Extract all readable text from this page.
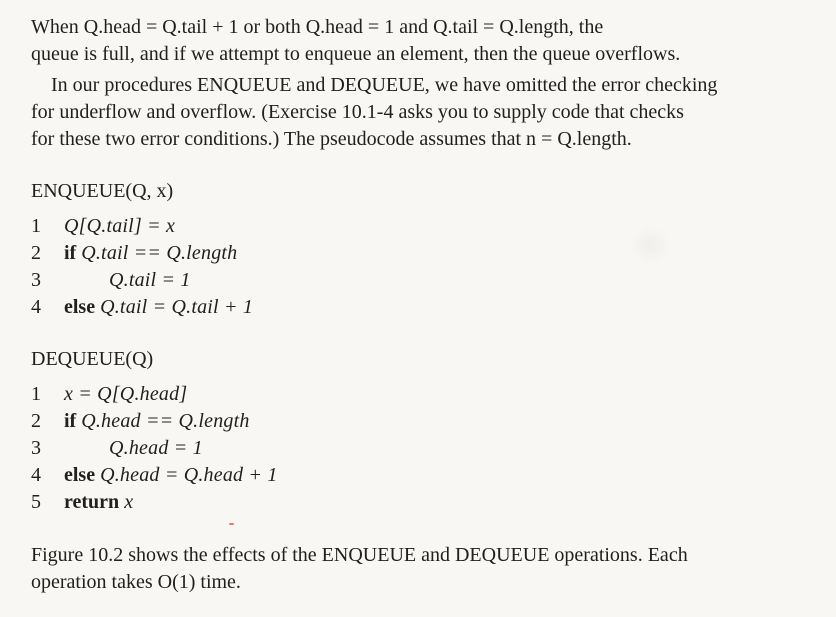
When Q.head = Q.tail + 1 or both Q.head = 1 and Q.tail = Q.length, the
queue is full, and if we attempt to enqueue an element, then the queue overflows.

In our procedures ENQUEUE and DEQUEUE, we have omitted the error checking
for underflow and overflow. (Exercise 10.1-4 asks you to supply code that checks
for these two error conditions.) The pseudocode assumes that n = Q.length.

ENQUEUE(Q, x)
1 Q[Q.tail] = x
2 if Q.tail == Q.length
3	Q.tail = 1
4 else Q.tail = Q.tail + 1
DEQUEUE(Q)
1 x = Q[Q.head]
2 if Q.head == Q.length
3	Q.head = 1
4 else Q.head = Q.head + 1
5 return x

Figure 10.2 shows the effects of the ENQUEUE and DEQUEUE operations. Each
operation takes O(1) time.
